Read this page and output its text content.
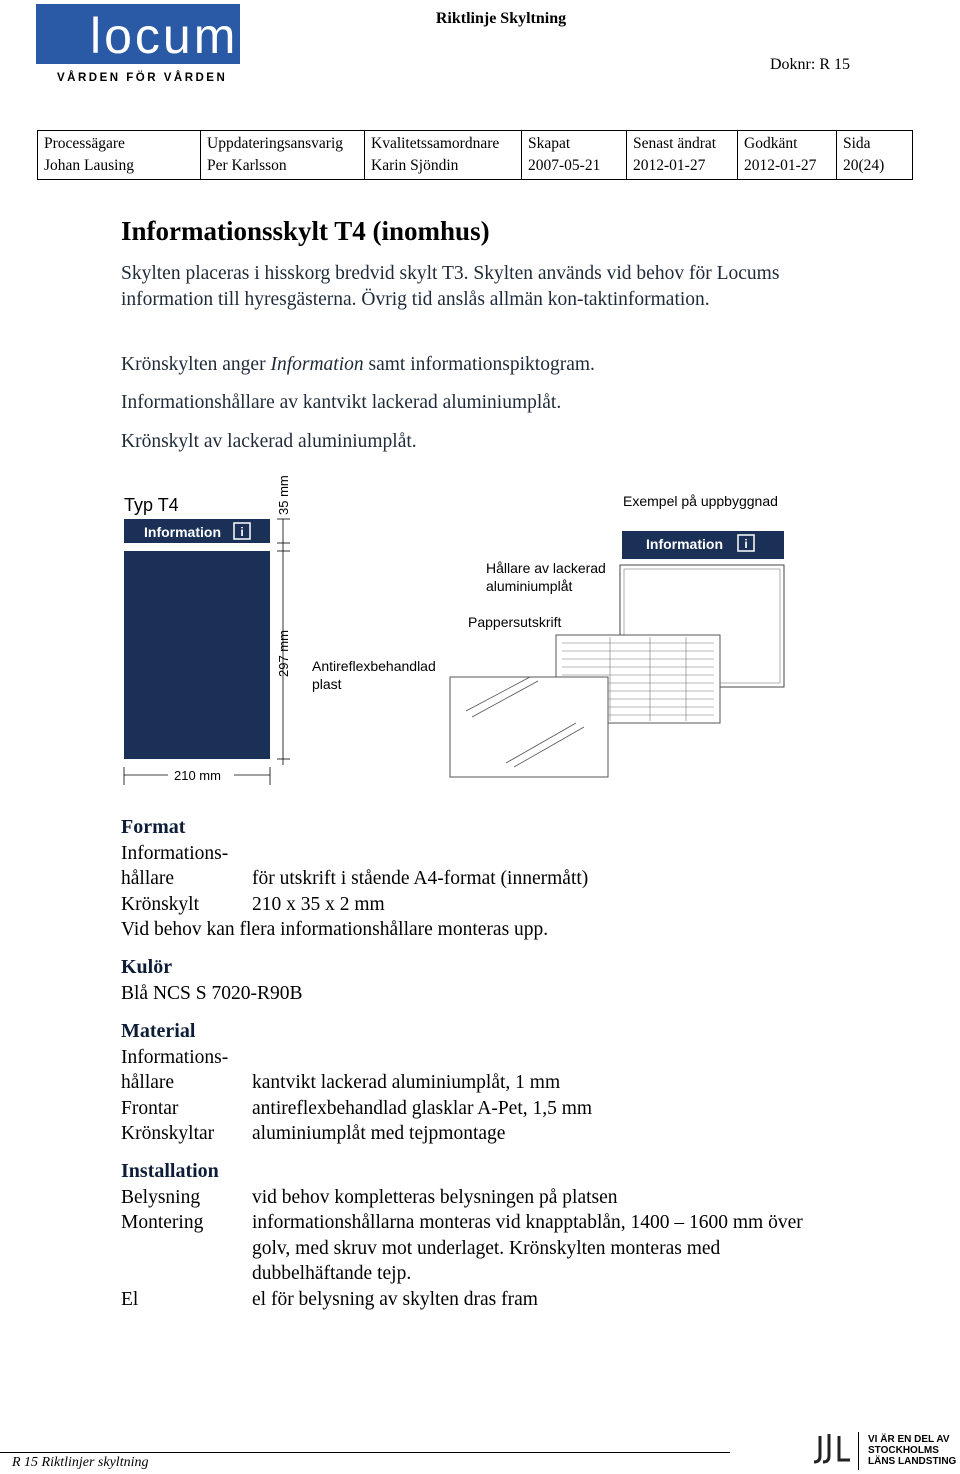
locum.
VÅRDEN FÖR VÅRDEN
Riktlinje Skyltning
Doknr: R 15
Processägare
Johan Lausing

Uppdateringsansvarig
Per Karlsson

Kvalitetssamordnare
Karin Sjöndin

Skapat
2007-05-21

Senast ändrat
2012-01-27

Godkänt
2012-01-27

Sida
20(24)
Informationsskylt T4 (inomhus)
Skylten placeras i hisskorg bredvid skylt T3. Skylten används vid behov för Locums information till hyresgästerna. Övrig tid anslås allmän kon-taktinformation.
Krönskylten anger Information samt informationspiktogram.
Informationshållare av kantvikt lackerad aluminiumplåt.
Krönskylt av lackerad aluminiumplåt.
Typ T4
Information i
35 mm
297 mm
210 mm
Antireflexbehandlad
plast
Exempel på uppbyggnad
Hållare av lackerad
aluminiumplåt
Pappersutskrift
Information i
Format
Informations-
hållare	för utskrift i stående A4-format (innermått)
Krönskylt	210 x 35 x 2 mm
Vid behov kan flera informationshållare monteras upp.
Kulör
Blå NCS S 7020-R90B
Material
Informations-
hållare	kantvikt lackerad aluminiumplåt, 1 mm
Frontar	antireflexbehandlad glasklar A-Pet, 1,5 mm
Krönskyltar	aluminiumplåt med tejpmontage
Installation
Belysning	vid behov kompletteras belysningen på platsen
Montering	informationshållarna monteras vid knapptablån, 1400 – 1600 mm över golv, med skruv mot underlaget. Krönskylten monteras med dubbelhäftande tejp.
El	el för belysning av skylten dras fram
R 15 Riktlinjer skyltning
VI ÄR EN DEL AV
STOCKHOLMS
LÄNS LANDSTING
